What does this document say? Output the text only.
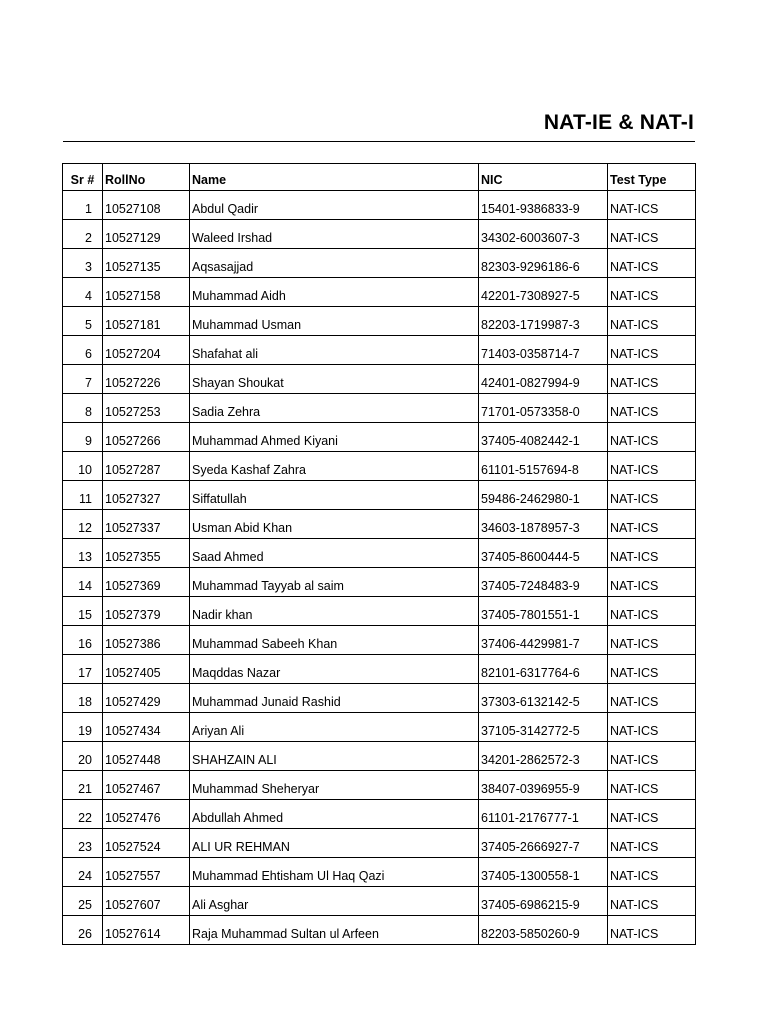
NAT-IE & NAT-I
Sr #	RollNo	Name	NIC	Test Type
1	10527108	Abdul Qadir	15401-9386833-9	NAT-ICS
2	10527129	Waleed Irshad	34302-6003607-3	NAT-ICS
3	10527135	Aqsasajjad	82303-9296186-6	NAT-ICS
4	10527158	Muhammad Aidh	42201-7308927-5	NAT-ICS
5	10527181	Muhammad Usman	82203-1719987-3	NAT-ICS
6	10527204	Shafahat ali	71403-0358714-7	NAT-ICS
7	10527226	Shayan Shoukat	42401-0827994-9	NAT-ICS
8	10527253	Sadia Zehra	71701-0573358-0	NAT-ICS
9	10527266	Muhammad Ahmed Kiyani	37405-4082442-1	NAT-ICS
10	10527287	Syeda Kashaf Zahra	61101-5157694-8	NAT-ICS
11	10527327	Siffatullah	59486-2462980-1	NAT-ICS
12	10527337	Usman Abid Khan	34603-1878957-3	NAT-ICS
13	10527355	Saad Ahmed	37405-8600444-5	NAT-ICS
14	10527369	Muhammad Tayyab al saim	37405-7248483-9	NAT-ICS
15	10527379	Nadir khan	37405-7801551-1	NAT-ICS
16	10527386	Muhammad Sabeeh Khan	37406-4429981-7	NAT-ICS
17	10527405	Maqddas Nazar	82101-6317764-6	NAT-ICS
18	10527429	Muhammad Junaid Rashid	37303-6132142-5	NAT-ICS
19	10527434	Ariyan Ali	37105-3142772-5	NAT-ICS
20	10527448	SHAHZAIN ALI	34201-2862572-3	NAT-ICS
21	10527467	Muhammad Sheheryar	38407-0396955-9	NAT-ICS
22	10527476	Abdullah Ahmed	61101-2176777-1	NAT-ICS
23	10527524	ALI UR REHMAN	37405-2666927-7	NAT-ICS
24	10527557	Muhammad Ehtisham Ul Haq Qazi	37405-1300558-1	NAT-ICS
25	10527607	Ali Asghar	37405-6986215-9	NAT-ICS
26	10527614	Raja Muhammad Sultan ul Arfeen	82203-5850260-9	NAT-ICS
